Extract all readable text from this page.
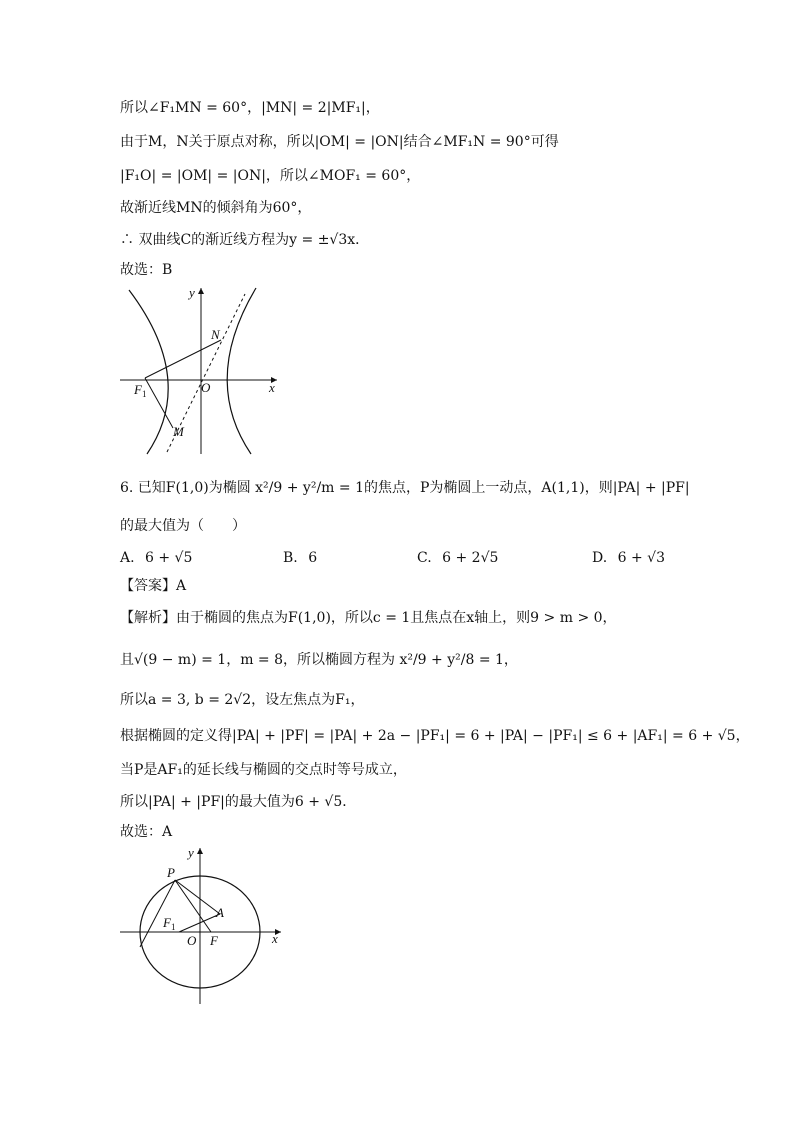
所以∠F₁MN = 60°，|MN| = 2|MF₁|，
由于M，N关于原点对称，所以|OM| = |ON|结合∠MF₁N = 90°可得
|F₁O| = |OM| = |ON|，所以∠MOF₁ = 60°，
故渐近线MN的倾斜角为60°，
∴ 双曲线C的渐近线方程为y = ±√3x．
故选：B
y
x
N
F 1	O
M
6. 已知F(1,0)为椭圆 x²/9 + y²/m = 1的焦点，P为椭圆上一动点，A(1,1)，则|PA| + |PF|
的最大值为（　　）
A. 6 + √5	B. 6	C. 6 + 2√5	D. 6 + √3
【答案】A
【解析】由于椭圆的焦点为F(1,0)，所以c = 1且焦点在x轴上，则9 > m > 0，
且√(9 − m) = 1，m = 8，所以椭圆方程为 x²/9 + y²/8 = 1，
所以a = 3, b = 2√2，设左焦点为F₁，
根据椭圆的定义得|PA| + |PF| = |PA| + 2a − |PF₁| = 6 + |PA| − |PF₁| ≤ 6 + |AF₁| = 6 + √5，
当P是AF₁的延长线与椭圆的交点时等号成立，
所以|PA| + |PF|的最大值为6 + √5．
故选：A
y
x
P
A
F 1
O F
